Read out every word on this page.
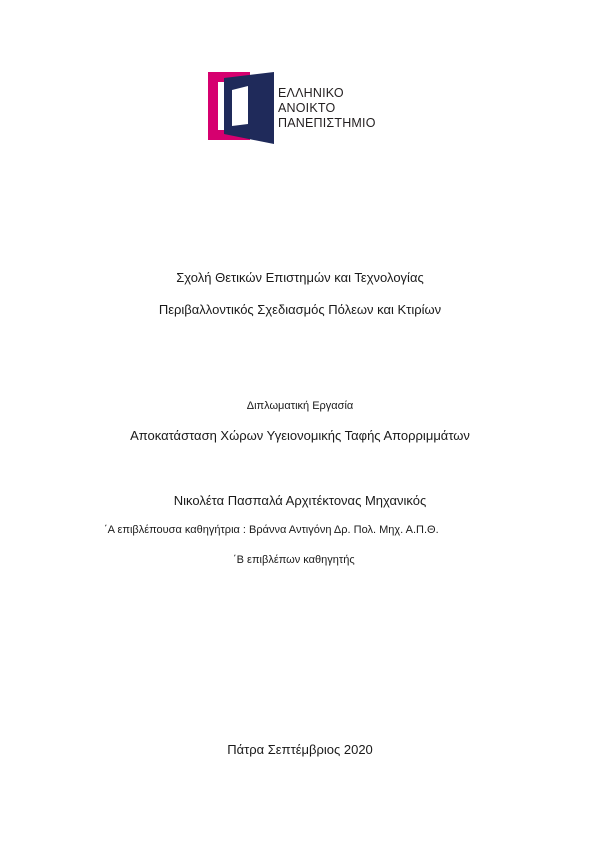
ΕΛΛΗΝΙΚΟ
ΑΝΟΙΚΤΟ
ΠΑΝΕΠΙΣΤΗΜΙΟ
Σχολή Θετικών Επιστημών και Τεχνολογίας
Περιβαλλοντικός Σχεδιασμός Πόλεων και Κτιρίων
Διπλωματική Εργασία
Αποκατάσταση Χώρων Υγειονομικής Ταφής Απορριμμάτων
Νικολέτα Πασπαλά Αρχιτέκτονας Μηχανικός
΄Α επιβλέπουσα καθηγήτρια : Βράννα Αντιγόνη Δρ. Πολ. Μηχ. Α.Π.Θ.
΄Β επιβλέπων καθηγητής
Πάτρα Σεπτέμβριος 2020
